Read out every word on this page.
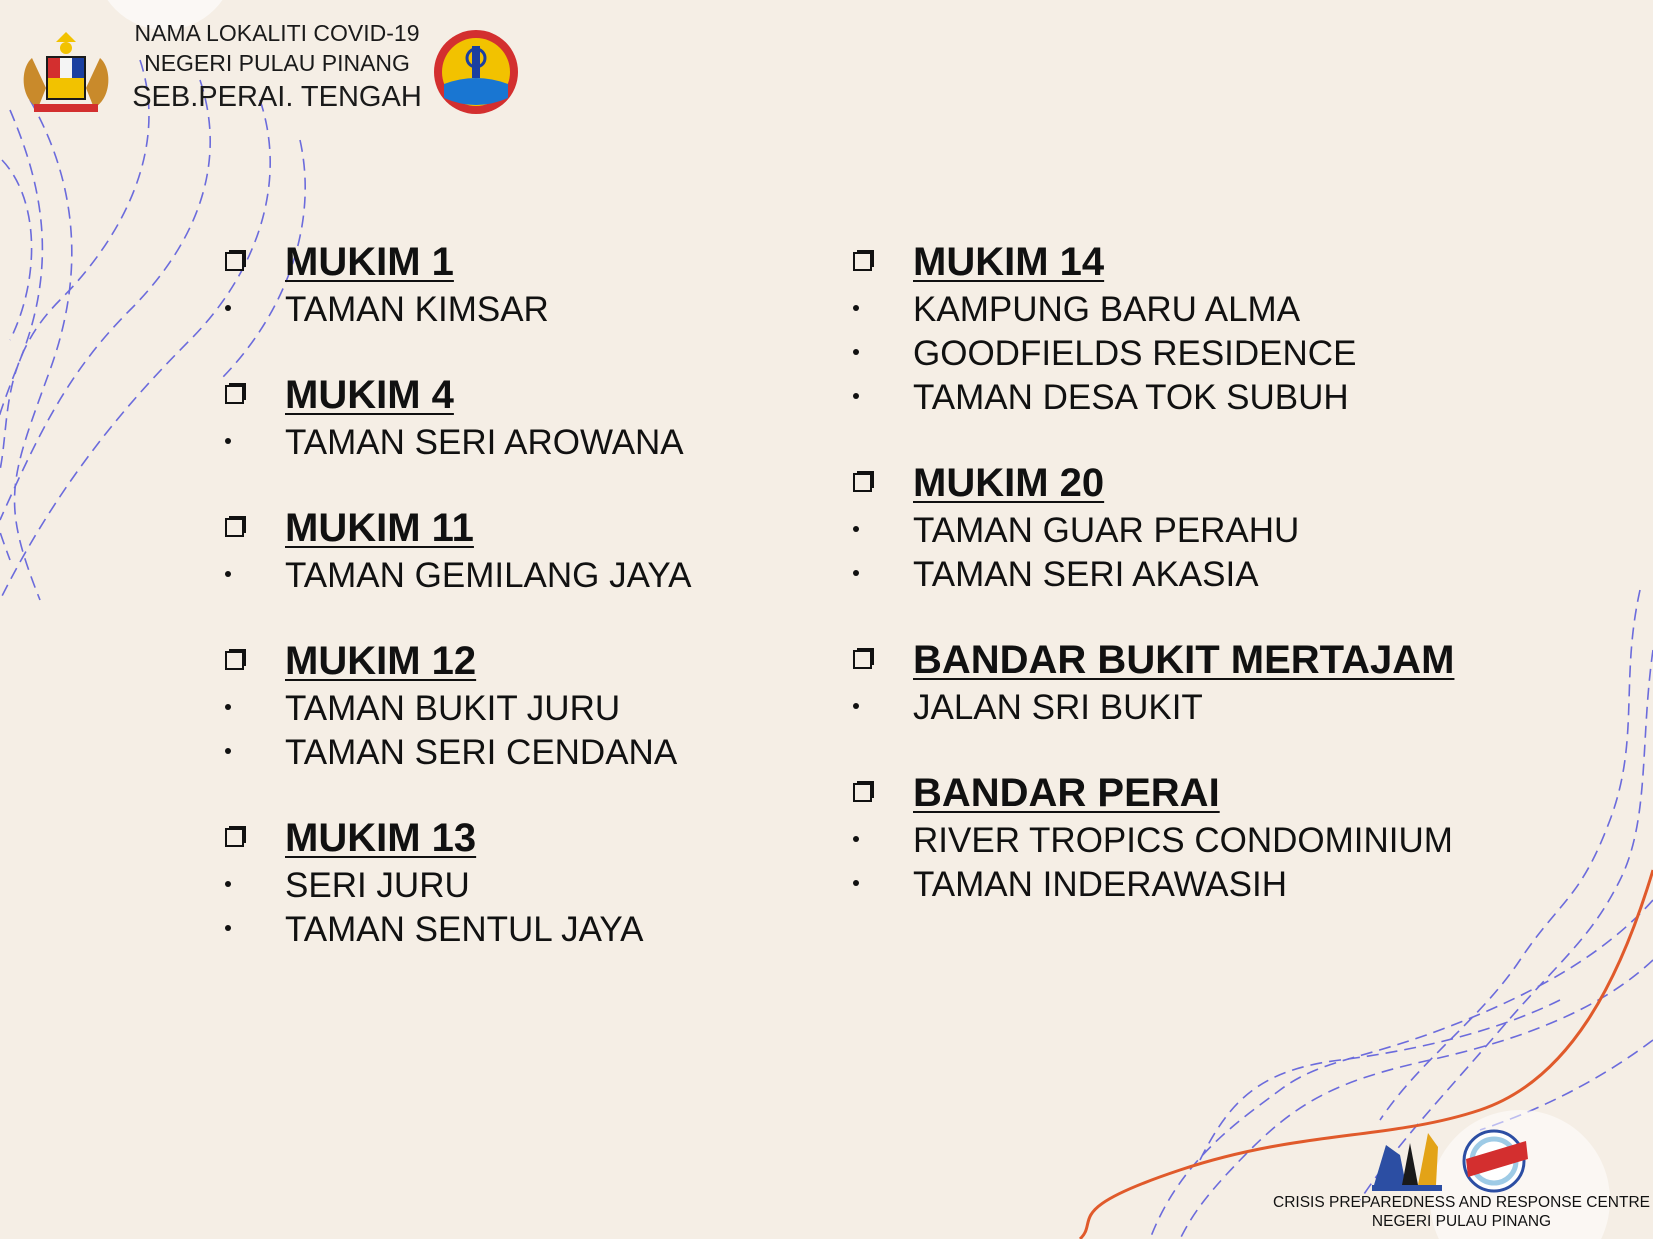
NAMA LOKALITI COVID-19
NEGERI PULAU PINANG
SEB.PERAI. TENGAH
MUKIM 1
TAMAN KIMSAR
MUKIM 4
TAMAN SERI AROWANA
MUKIM 11
TAMAN GEMILANG JAYA
MUKIM 12
TAMAN BUKIT JURU
TAMAN SERI CENDANA
MUKIM 13
SERI JURU
TAMAN SENTUL JAYA
MUKIM 14
KAMPUNG BARU ALMA
GOODFIELDS RESIDENCE
TAMAN DESA TOK SUBUH
MUKIM 20
TAMAN GUAR PERAHU
TAMAN SERI AKASIA
BANDAR BUKIT MERTAJAM
JALAN SRI BUKIT
BANDAR PERAI
RIVER TROPICS CONDOMINIUM
TAMAN INDERAWASIH
CRISIS PREPAREDNESS AND RESPONSE CENTRE
NEGERI PULAU PINANG
